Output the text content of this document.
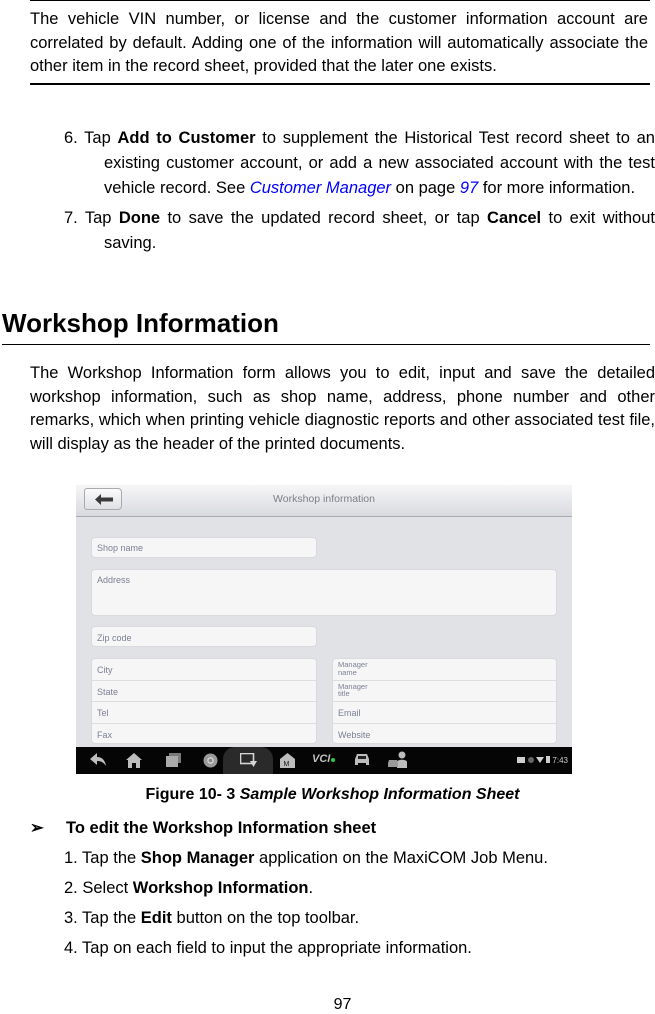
The vehicle VIN number, or license and the customer information account are correlated by default. Adding one of the information will automatically associate the other item in the record sheet, provided that the later one exists.

6. Tap Add to Customer to supplement the Historical Test record sheet to an existing customer account, or add a new associated account with the test vehicle record. See Customer Manager on page 97 for more information.

7. Tap Done to save the updated record sheet, or tap Cancel to exit without saving.

Workshop Information

The Workshop Information form allows you to edit, input and save the detailed workshop information, such as shop name, address, phone number and other remarks, which when printing vehicle diagnostic reports and other associated test file, will display as the header of the printed documents.

Workshop information
Shop name
Address
Zip code
City
State
Tel
Fax
Manager name
Manager title
Email
Website
M VCI	7:43
Figure 10- 3 Sample Workshop Information Sheet
➢ To edit the Workshop Information sheet

1. Tap the Shop Manager application on the MaxiCOM Job Menu.

2. Select Workshop Information.

3. Tap the Edit button on the top toolbar.

4. Tap on each field to input the appropriate information.

97
